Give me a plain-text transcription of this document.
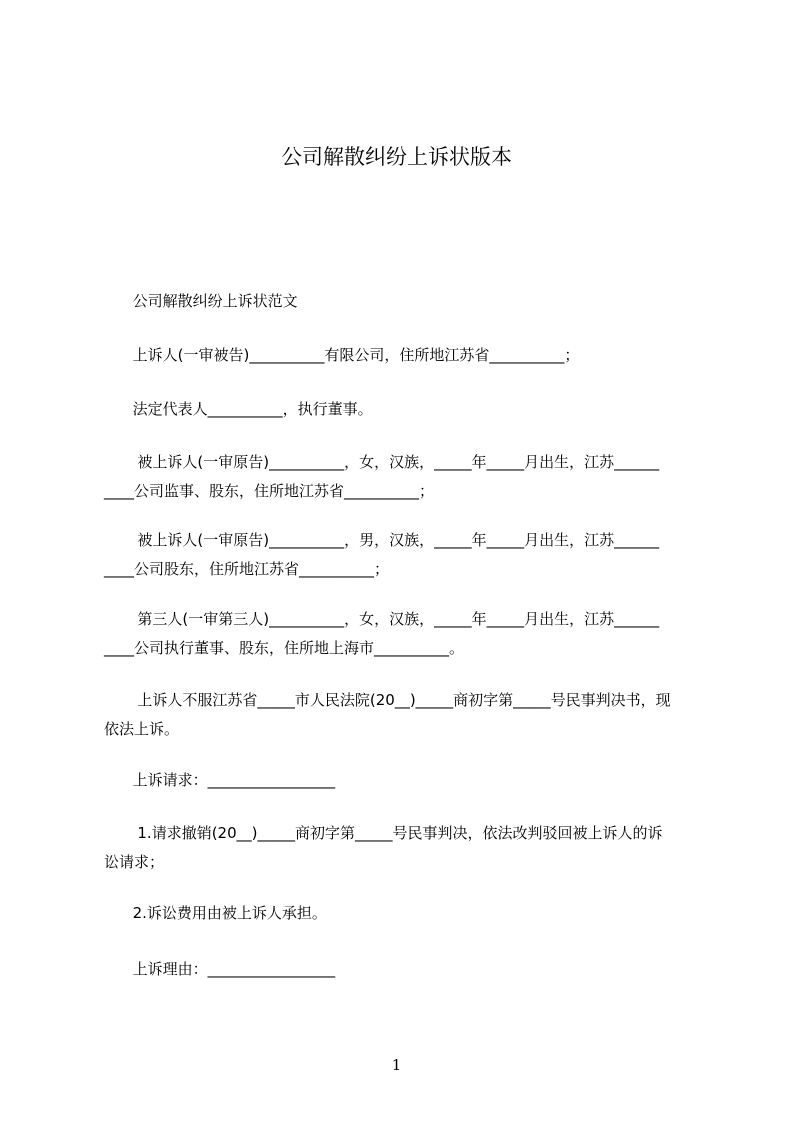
公司解散纠纷上诉状版本
公司解散纠纷上诉状范文
上诉人(一审被告)__________有限公司，住所地江苏省__________；
法定代表人__________，执行董事。
被上诉人(一审原告)__________，女，汉族，_____年_____月出生，江苏______
____公司监事、股东，住所地江苏省__________；
被上诉人(一审原告)__________，男，汉族，_____年_____月出生，江苏______
____公司股东，住所地江苏省__________；
第三人(一审第三人)__________，女，汉族，_____年_____月出生，江苏______
____公司执行董事、股东，住所地上海市__________。
上诉人不服江苏省_____市人民法院(20__)_____商初字第_____号民事判决书，现
依法上诉。
上诉请求：_________________
1.请求撤销(20__)_____商初字第_____号民事判决，依法改判驳回被上诉人的诉
讼请求；
2.诉讼费用由被上诉人承担。
上诉理由：_________________
1
